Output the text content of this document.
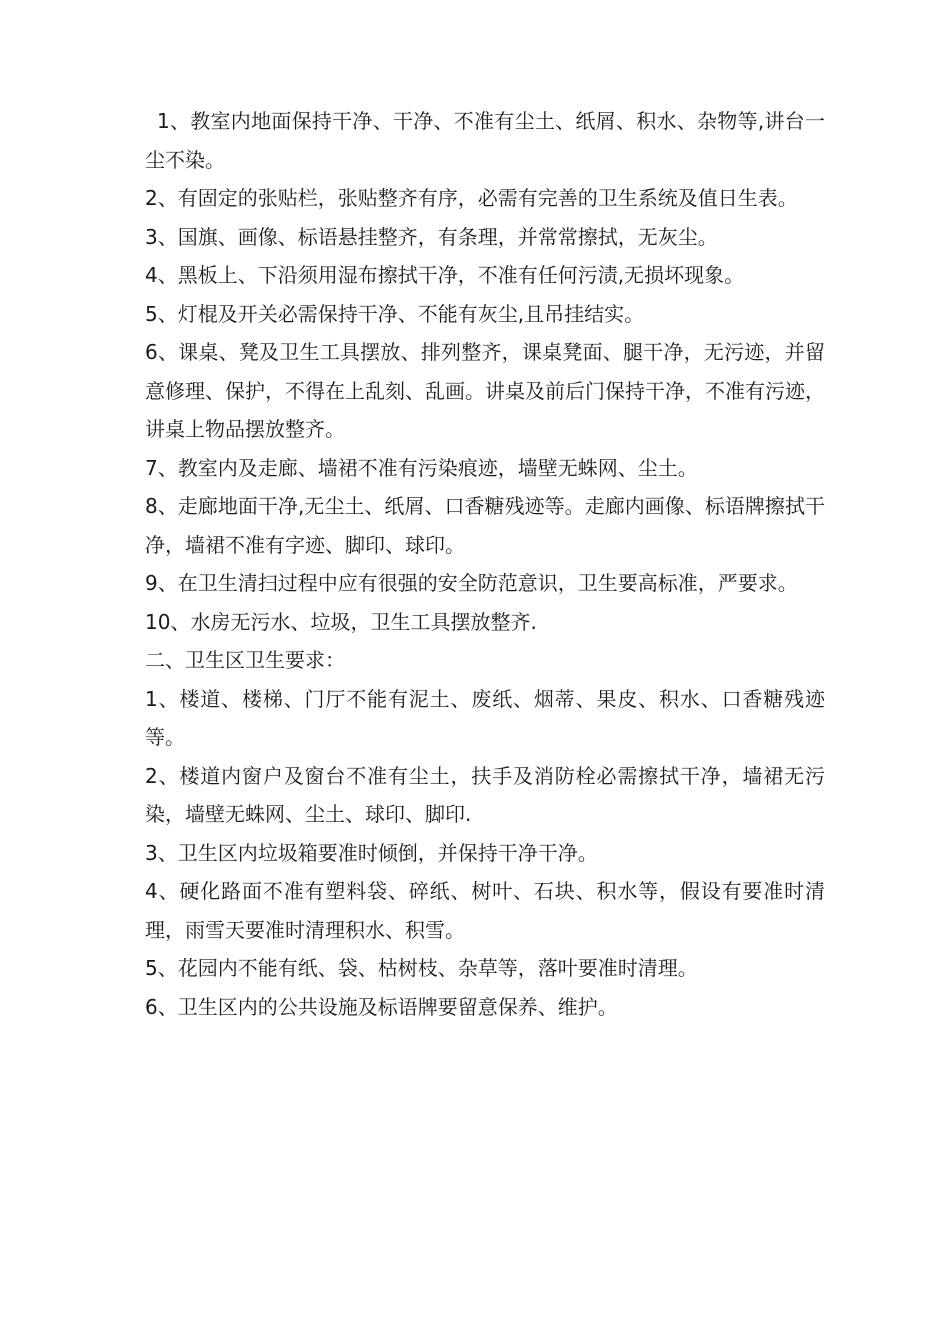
1、教室内地面保持干净、干净、不准有尘土、纸屑、积水、杂物等,讲台一尘不染。

2、有固定的张贴栏，张贴整齐有序，必需有完善的卫生系统及值日生表。

3、国旗、画像、标语悬挂整齐，有条理，并常常擦拭，无灰尘。

4、黑板上、下沿须用湿布擦拭干净，不准有任何污渍,无损坏现象。

5、灯棍及开关必需保持干净、不能有灰尘,且吊挂结实。

6、课桌、凳及卫生工具摆放、排列整齐，课桌凳面、腿干净，无污迹，并留意修理、保护，不得在上乱刻、乱画。讲桌及前后门保持干净，不准有污迹，讲桌上物品摆放整齐。

7、教室内及走廊、墙裙不准有污染痕迹，墙壁无蛛网、尘土。

8、走廊地面干净,无尘土、纸屑、口香糖残迹等。走廊内画像、标语牌擦拭干净，墙裙不准有字迹、脚印、球印。

9、在卫生清扫过程中应有很强的安全防范意识，卫生要高标准，严要求。

10、水房无污水、垃圾，卫生工具摆放整齐.

二、卫生区卫生要求：

1、楼道、楼梯、门厅不能有泥土、废纸、烟蒂、果皮、积水、口香糖残迹等。

2、楼道内窗户及窗台不准有尘土，扶手及消防栓必需擦拭干净，墙裙无污染，墙壁无蛛网、尘土、球印、脚印.

3、卫生区内垃圾箱要准时倾倒，并保持干净干净。

4、硬化路面不准有塑料袋、碎纸、树叶、石块、积水等，假设有要准时清理，雨雪天要准时清理积水、积雪。

5、花园内不能有纸、袋、枯树枝、杂草等，落叶要准时清理。

6、卫生区内的公共设施及标语牌要留意保养、维护。
